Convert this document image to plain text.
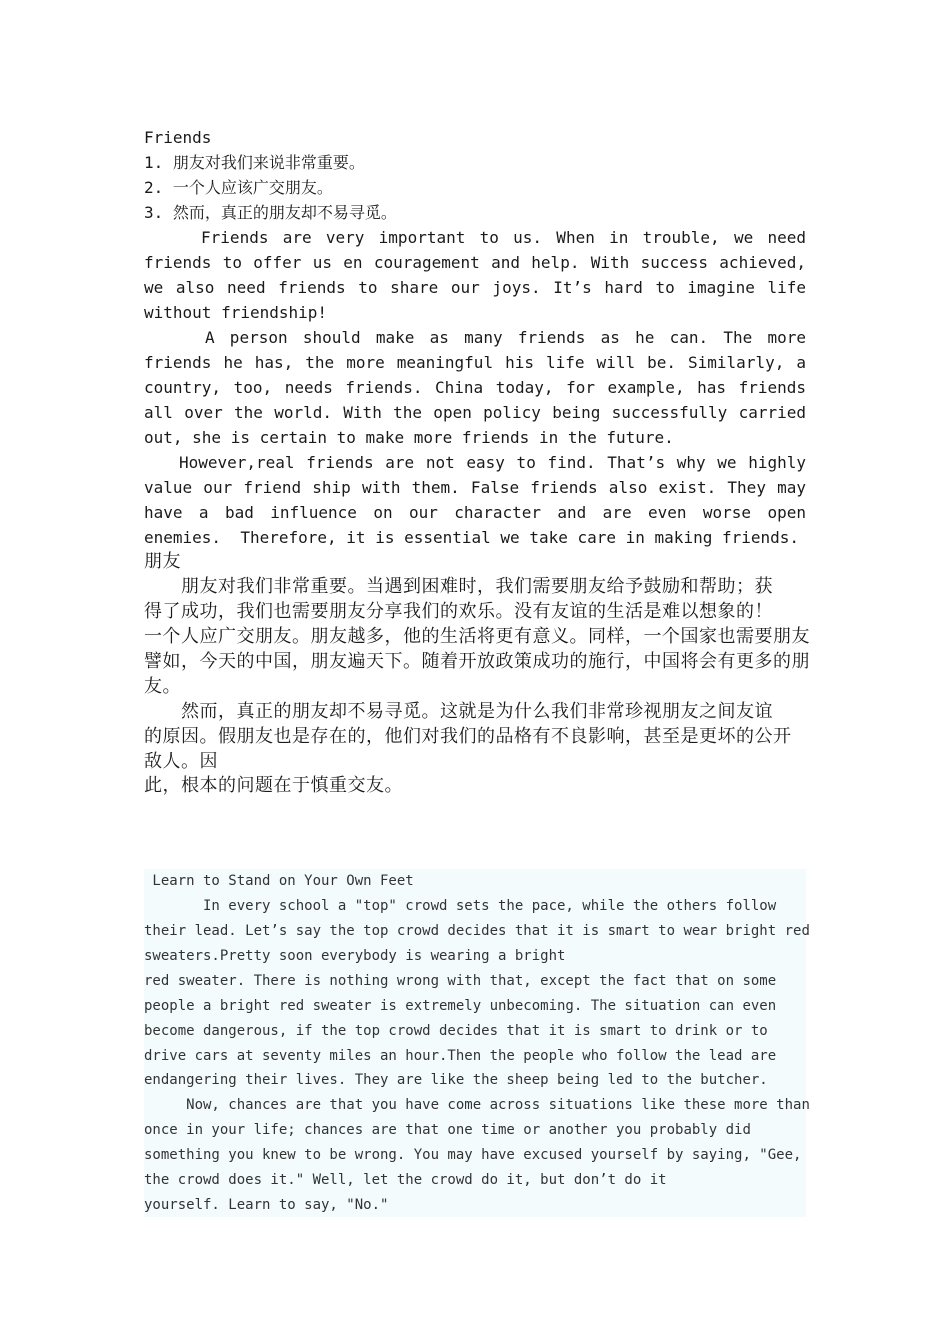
Friends

1. 朋友对我们来说非常重要。

2. 一个人应该广交朋友。

3. 然而，真正的朋友却不易寻觅。

Friends are very important to us. When in trouble, we need

friends to offer us en couragement and help. With success achieved,

we also need friends to share our joys. It’s hard to imagine life

without friendship!

A person should make as many friends as he can. The more

friends he has, the more meaningful his life will be. Similarly, a

country, too, needs friends. China today, for example, has friends

all over the world. With the open policy being successfully carried

out, she is certain to make more friends in the future.

However,real friends are not easy to find. That’s why we highly

value our friend ship with them. False friends also exist. They may

have a bad influence on our character and are even worse open

enemies.  Therefore, it is essential we take care in making friends.

朋友

　　朋友对我们非常重要。当遇到困难时，我们需要朋友给予鼓励和帮助；获

得了成功，我们也需要朋友分享我们的欢乐。没有友谊的生活是难以想象的！

一个人应广交朋友。朋友越多，他的生活将更有意义。同样，一个国家也需要朋友

譬如，今天的中国，朋友遍天下。随着开放政策成功的施行，中国将会有更多的朋

友。

　　然而，真正的朋友却不易寻觅。这就是为什么我们非常珍视朋友之间友谊

的原因。假朋友也是存在的，他们对我们的品格有不良影响，甚至是更坏的公开

敌人。因

此，根本的问题在于慎重交友。

Learn to Stand on Your Own Feet

In every school a "top" crowd sets the pace, while the others follow

their lead. Let’s say the top crowd decides that it is smart to wear bright red

sweaters.Pretty soon everybody is wearing a bright

red sweater. There is nothing wrong with that, except the fact that on some

people a bright red sweater is extremely unbecoming. The situation can even

become dangerous, if the top crowd decides that it is smart to drink or to

drive cars at seventy miles an hour.Then the people who follow the lead are

endangering their lives. They are like the sheep being led to the butcher.

Now, chances are that you have come across situations like these more than

once in your life; chances are that one time or another you probably did

something you knew to be wrong. You may have excused yourself by saying, "Gee,

the crowd does it." Well, let the crowd do it, but don’t do it

yourself. Learn to say, "No."
